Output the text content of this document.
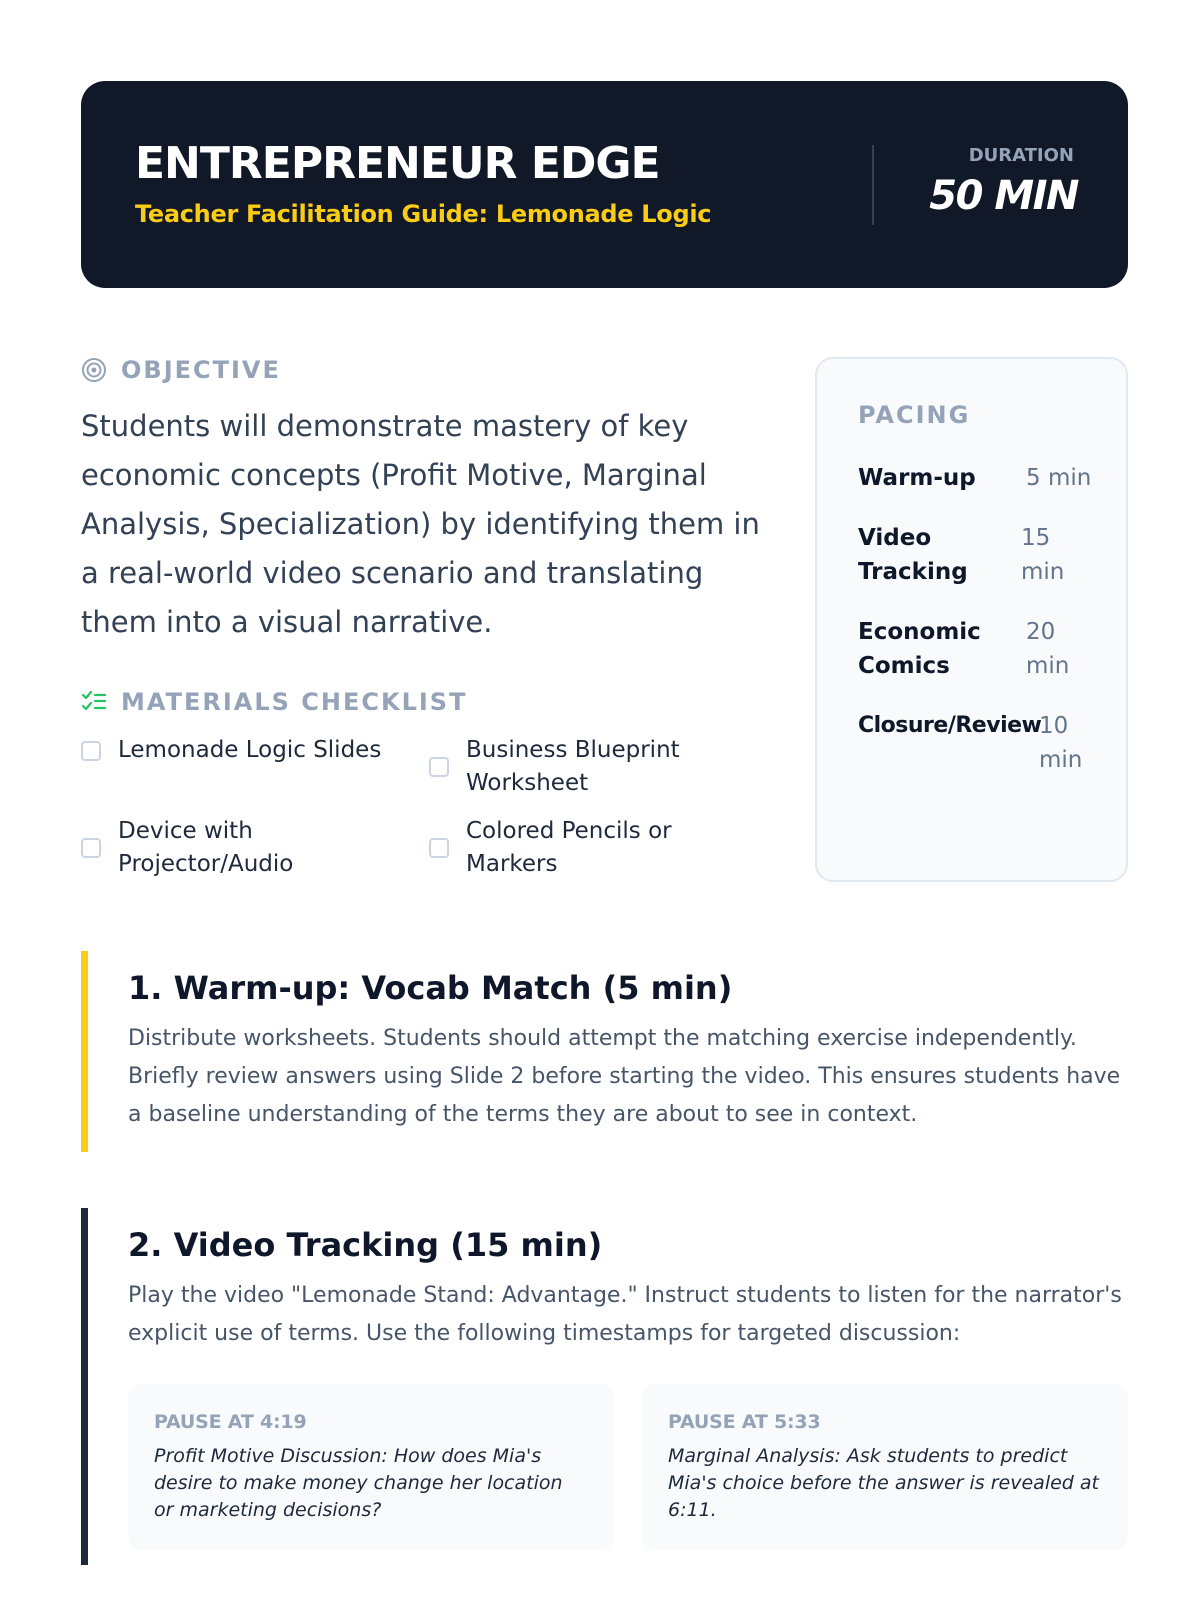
ENTREPRENEUR EDGE
Teacher Facilitation Guide: Lemonade Logic
DURATION
50 MIN
OBJECTIVE
Students will demonstrate mastery of key economic concepts (Profit Motive, Marginal Analysis, Specialization) by identifying them in a real-world video scenario and translating them into a visual narrative.
MATERIALS CHECKLIST
Lemonade Logic Slides	Business Blueprint Worksheet
Device with Projector/Audio
Colored Pencils or Markers
PACING
Warm-up 5 min
Video Tracking
15 min
Economic Comics
20 min
Closure/Review
10 min
1. Warm-up: Vocab Match (5 min)

Distribute worksheets. Students should attempt the matching exercise independently. Briefly review answers using Slide 2 before starting the video. This ensures students have a baseline understanding of the terms they are about to see in context.

2. Video Tracking (15 min)

Play the video "Lemonade Stand: Advantage." Instruct students to listen for the narrator's explicit use of terms. Use the following timestamps for targeted discussion:

PAUSE AT 4:19
Profit Motive Discussion: How does Mia's desire to make money change her location or marketing decisions?
PAUSE AT 5:33
Marginal Analysis: Ask students to predict Mia's choice before the answer is revealed at 6:11.
